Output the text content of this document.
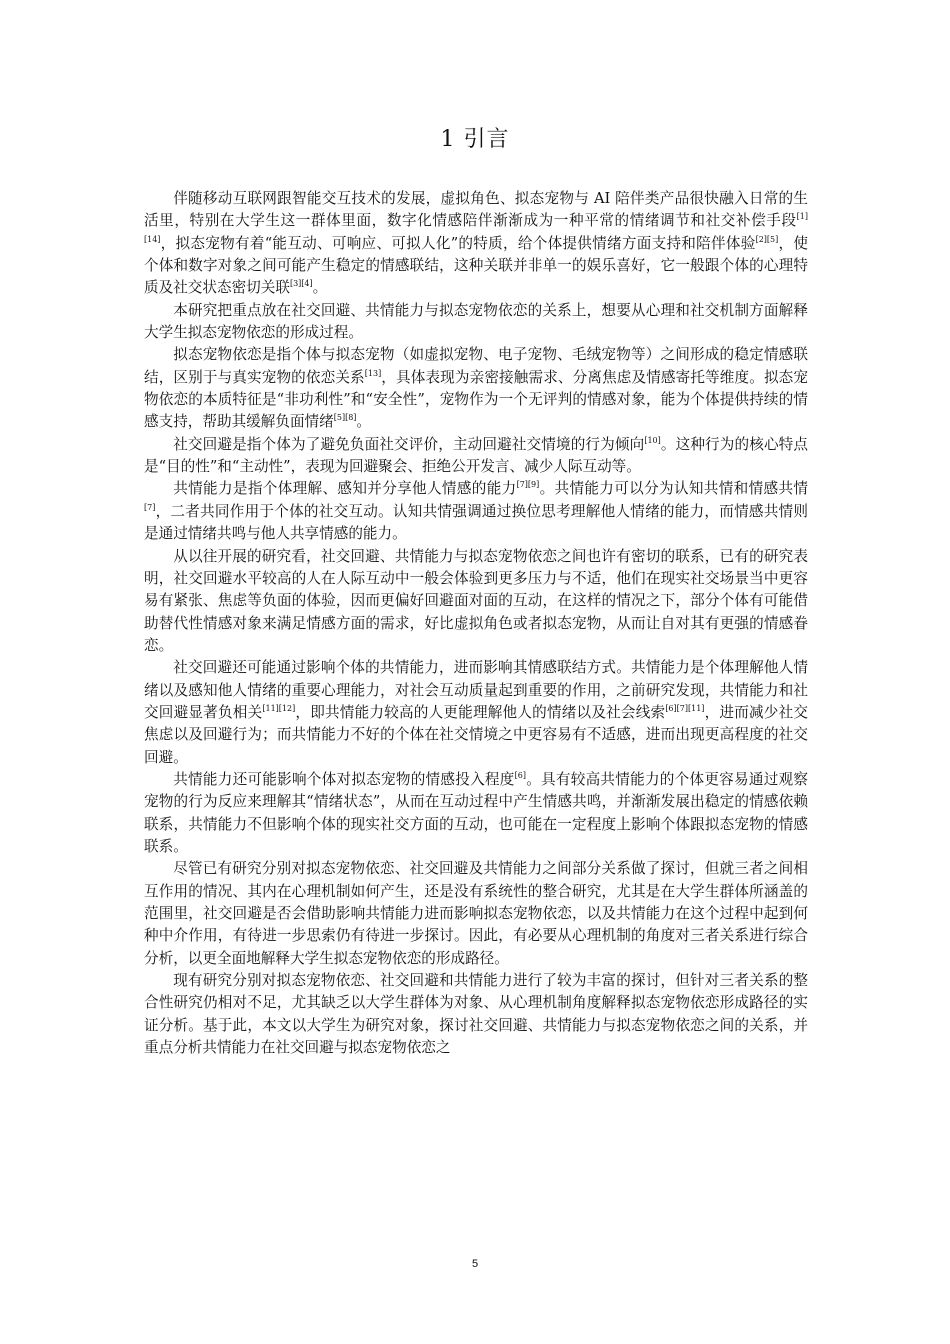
1 引言

伴随移动互联网跟智能交互技术的发展，虚拟角色、拟态宠物与 AI 陪伴类产品很快融入日常的生活里，特别在大学生这一群体里面，数字化情感陪伴渐渐成为一种平常的情绪调节和社交补偿手段[1][14]，拟态宠物有着“能互动、可响应、可拟人化”的特质，给个体提供情绪方面支持和陪伴体验[2][5]，使个体和数字对象之间可能产生稳定的情感联结，这种关联并非单一的娱乐喜好，它一般跟个体的心理特质及社交状态密切关联[3][4]。

本研究把重点放在社交回避、共情能力与拟态宠物依恋的关系上，想要从心理和社交机制方面解释大学生拟态宠物依恋的形成过程。

拟态宠物依恋是指个体与拟态宠物（如虚拟宠物、电子宠物、毛绒宠物等）之间形成的稳定情感联结，区别于与真实宠物的依恋关系[13]，具体表现为亲密接触需求、分离焦虑及情感寄托等维度。拟态宠物依恋的本质特征是“非功利性”和“安全性”，宠物作为一个无评判的情感对象，能为个体提供持续的情感支持，帮助其缓解负面情绪[5][8]。

社交回避是指个体为了避免负面社交评价，主动回避社交情境的行为倾向[10]。这种行为的核心特点是“目的性”和“主动性”，表现为回避聚会、拒绝公开发言、减少人际互动等。

共情能力是指个体理解、感知并分享他人情感的能力[7][9]。共情能力可以分为认知共情和情感共情[7]，二者共同作用于个体的社交互动。认知共情强调通过换位思考理解他人情绪的能力，而情感共情则是通过情绪共鸣与他人共享情感的能力。

从以往开展的研究看，社交回避、共情能力与拟态宠物依恋之间也许有密切的联系，已有的研究表明，社交回避水平较高的人在人际互动中一般会体验到更多压力与不适，他们在现实社交场景当中更容易有紧张、焦虑等负面的体验，因而更偏好回避面对面的互动，在这样的情况之下，部分个体有可能借助替代性情感对象来满足情感方面的需求，好比虚拟角色或者拟态宠物，从而让自对其有更强的情感眷恋。

社交回避还可能通过影响个体的共情能力，进而影响其情感联结方式。共情能力是个体理解他人情绪以及感知他人情绪的重要心理能力，对社会互动质量起到重要的作用，之前研究发现，共情能力和社交回避显著负相关[11][12]，即共情能力较高的人更能理解他人的情绪以及社会线索[6][7][11]，进而减少社交焦虑以及回避行为；而共情能力不好的个体在社交情境之中更容易有不适感，进而出现更高程度的社交回避。

共情能力还可能影响个体对拟态宠物的情感投入程度[6]。具有较高共情能力的个体更容易通过观察宠物的行为反应来理解其“情绪状态”，从而在互动过程中产生情感共鸣，并渐渐发展出稳定的情感依赖联系，共情能力不但影响个体的现实社交方面的互动，也可能在一定程度上影响个体跟拟态宠物的情感联系。

尽管已有研究分别对拟态宠物依恋、社交回避及共情能力之间部分关系做了探讨，但就三者之间相互作用的情况、其内在心理机制如何产生，还是没有系统性的整合研究，尤其是在大学生群体所涵盖的范围里，社交回避是否会借助影响共情能力进而影响拟态宠物依恋，以及共情能力在这个过程中起到何种中介作用，有待进一步思索仍有待进一步探讨。因此，有必要从心理机制的角度对三者关系进行综合分析，以更全面地解释大学生拟态宠物依恋的形成路径。

现有研究分别对拟态宠物依恋、社交回避和共情能力进行了较为丰富的探讨，但针对三者关系的整合性研究仍相对不足，尤其缺乏以大学生群体为对象、从心理机制角度解释拟态宠物依恋形成路径的实证分析。基于此，本文以大学生为研究对象，探讨社交回避、共情能力与拟态宠物依恋之间的关系，并重点分析共情能力在社交回避与拟态宠物依恋之

5
